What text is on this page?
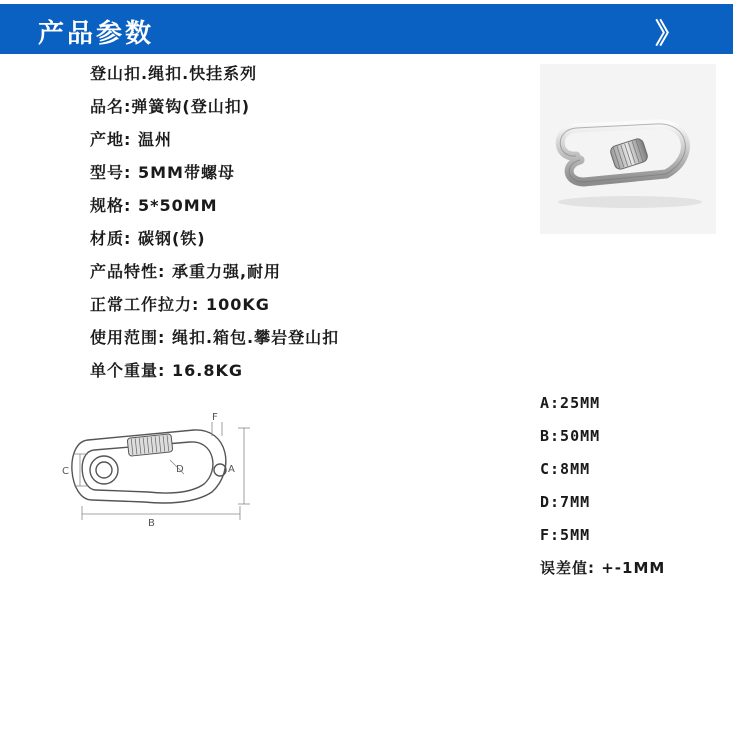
产品参数	》
登山扣.绳扣.快挂系列
品名:弹簧钩(登山扣)
产地: 温州
型号: 5MM带螺母
规格: 5*50MM
材质: 碳钢(铁)
产品特性: 承重力强,耐用
正常工作拉力: 100KG
使用范围: 绳扣.箱包.攀岩登山扣
单个重量: 16.8KG
C	D	A
B
F
A:25MM
B:50MM
C:8MM
D:7MM
F:5MM
误差值: +-1MM
